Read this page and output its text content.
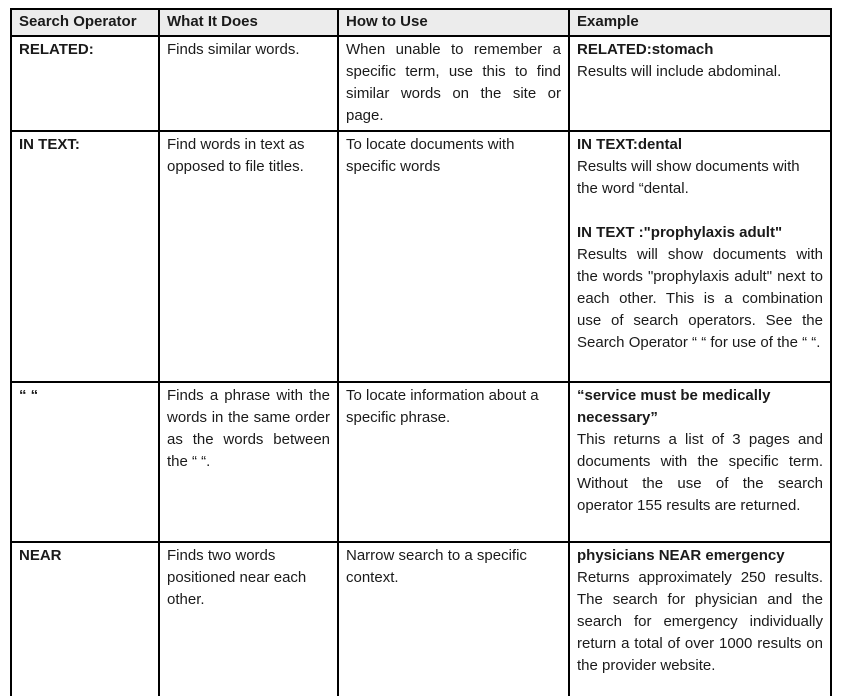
Search Operator	What It Does	How to Use	Example
RELATED:	Finds similar words.	When unable to remember a specific term, use this to find similar words on the site or page.	RELATED:stomach

Results will include abdominal.

IN TEXT:	Find words in text as opposed to file titles.	To locate documents with specific words	IN TEXT:dental

Results will show documents with the word “dental.

IN TEXT :"prophylaxis adult"

Results will show documents with the words "prophylaxis adult" next to each other. This is a combination use of search operators. See the Search Operator “ “ for use of the “ “.

“ “	Finds a phrase with the words in the same order as the words between the “ “.	To locate information about a specific phrase.	“service must be medically necessary”

This returns a list of 3 pages and documents with the specific term. Without the use of the search operator 155 results are returned.

NEAR	Finds two words positioned near each other.	Narrow search to a specific context.	physicians NEAR emergency

Returns approximately 250 results. The search for physician and the search for emergency individually return a total of over 1000 results on the provider website.
